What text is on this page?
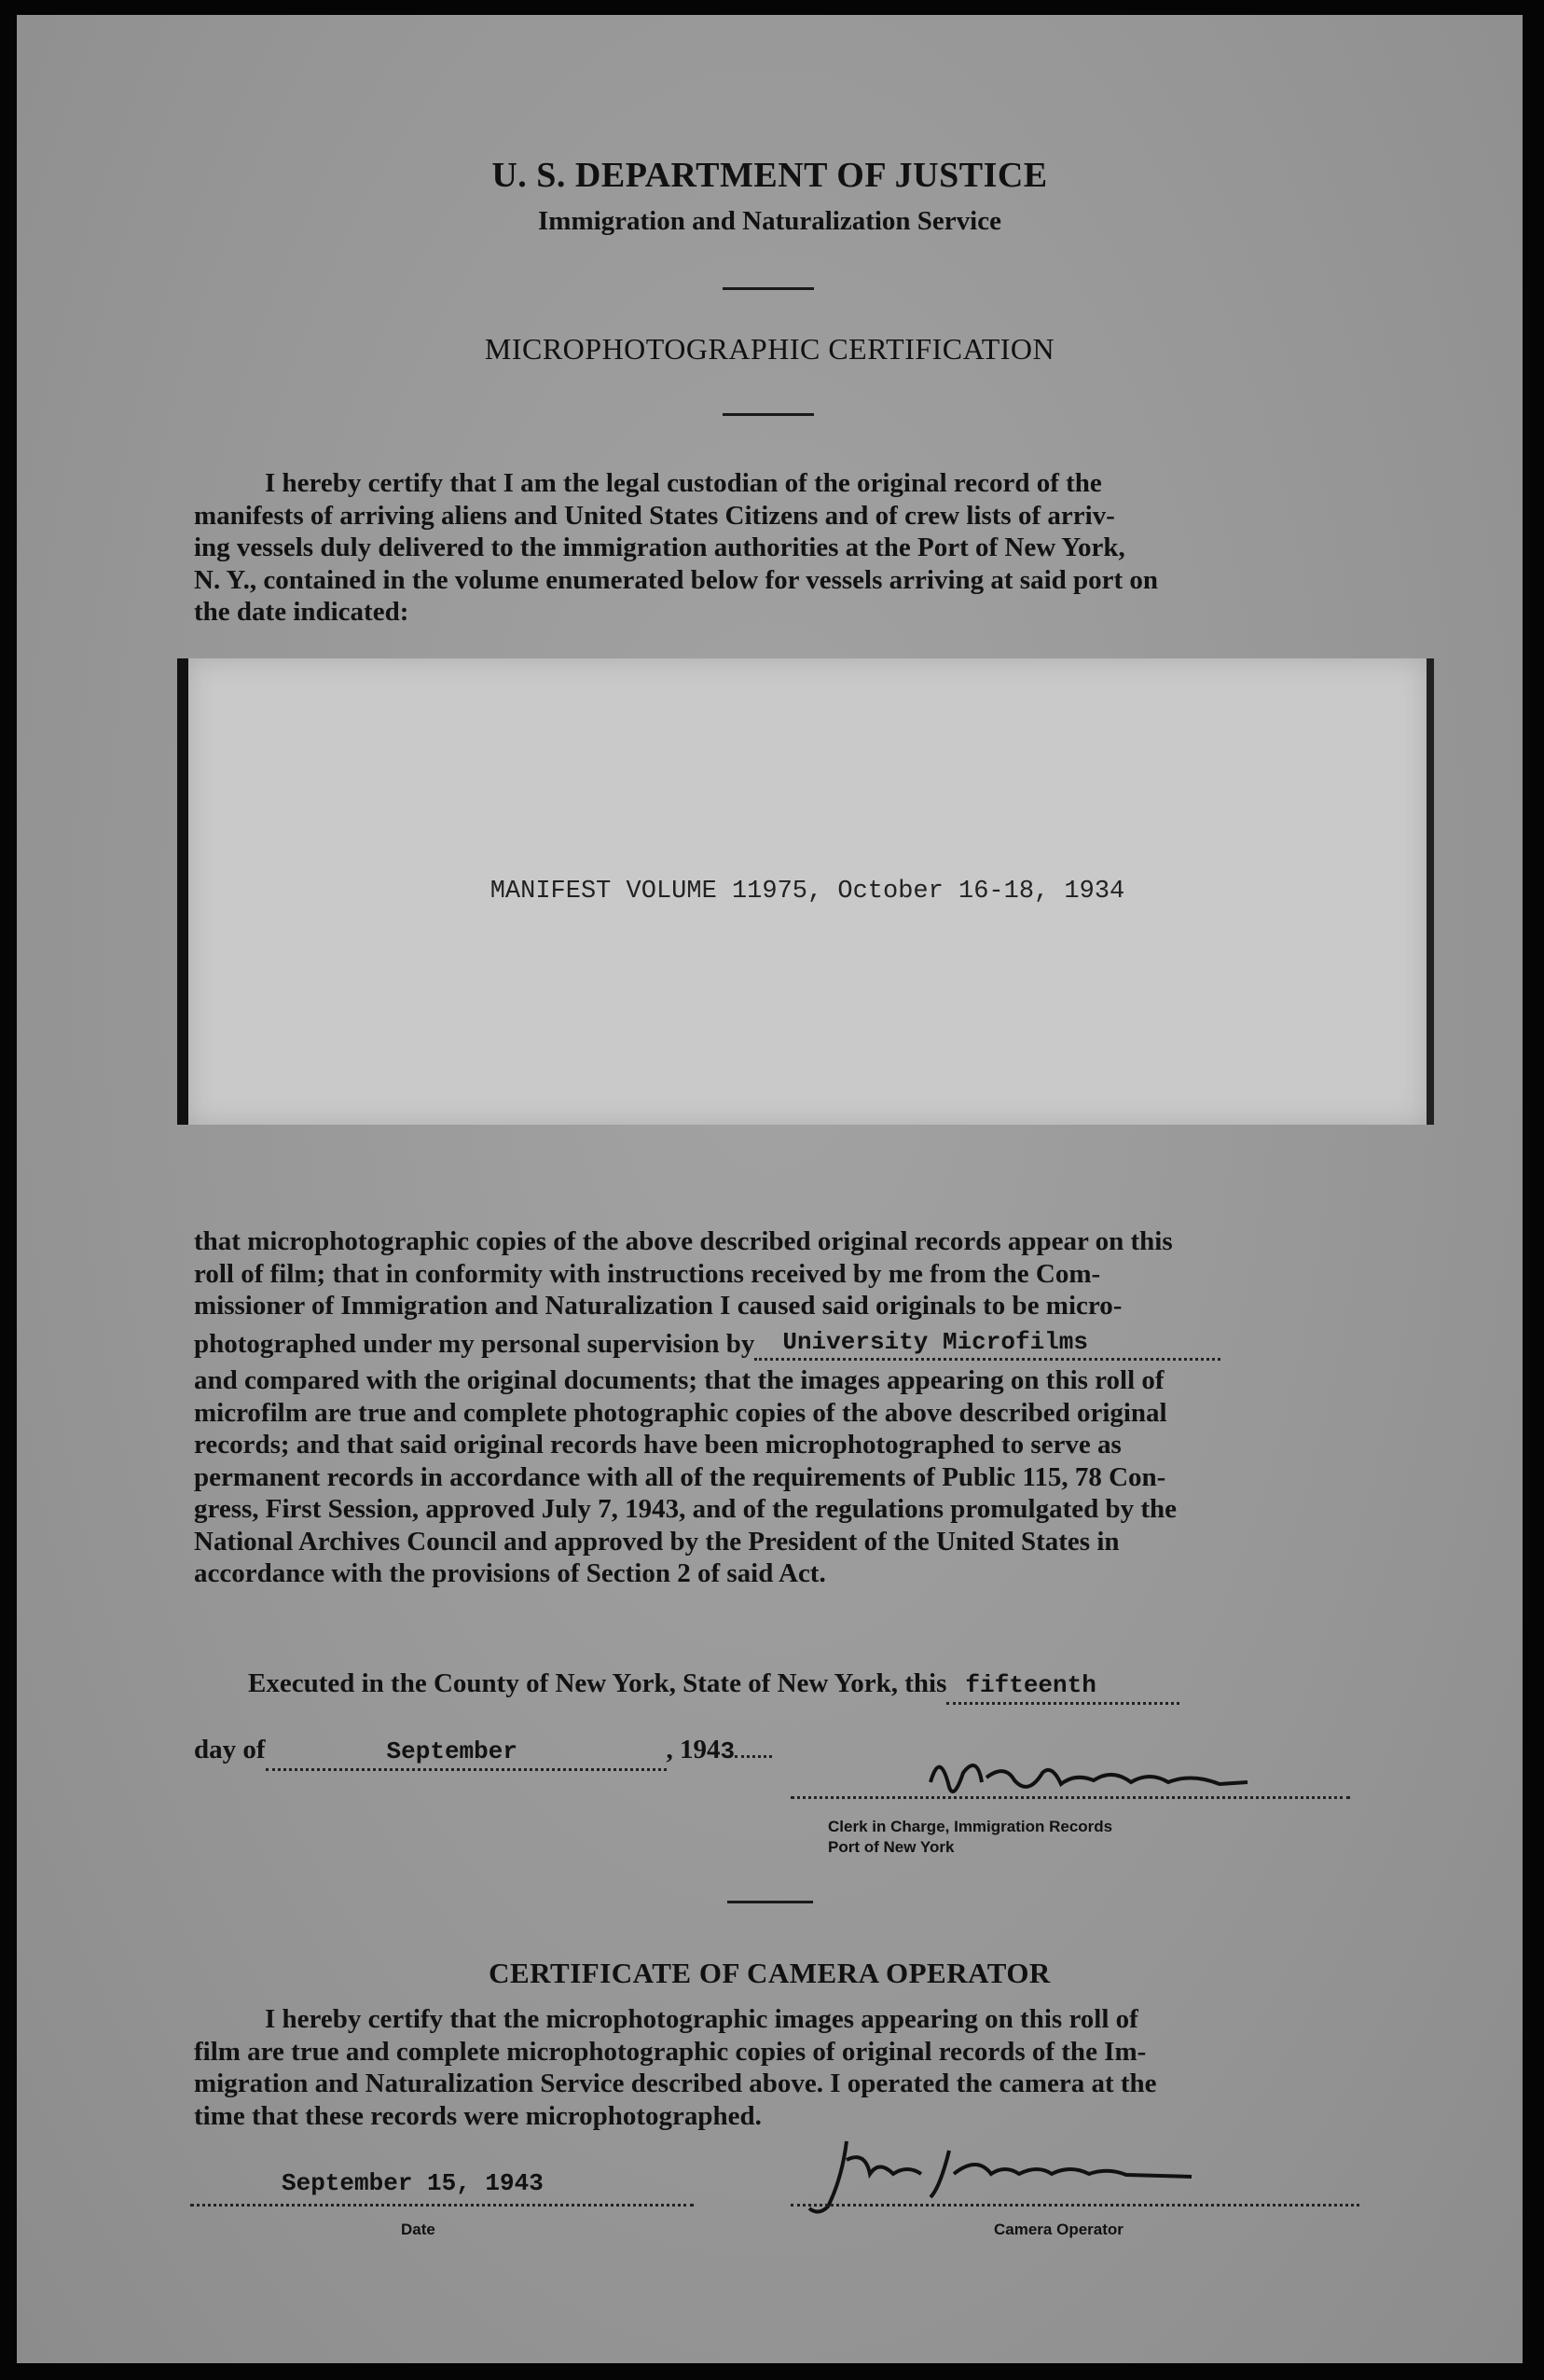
U. S. DEPARTMENT OF JUSTICE
Immigration and Naturalization Service
MICROPHOTOGRAPHIC CERTIFICATION

I hereby certify that I am the legal custodian of the original record of the

manifests of arriving aliens and United States Citizens and of crew lists of arriv-

ing vessels duly delivered to the immigration authorities at the Port of New York,

N. Y., contained in the volume enumerated below for vessels arriving at said port on

the date indicated:

MANIFEST VOLUME 11975, October 16-18, 1934

that microphotographic copies of the above described original records appear on this

roll of film; that in conformity with instructions received by me from the Com-

missioner of Immigration and Naturalization I caused said originals to be micro-

photographed under my personal supervision by University Microfilms

and compared with the original documents; that the images appearing on this roll of

microfilm are true and complete photographic copies of the above described original

records; and that said original records have been microphotographed to serve as

permanent records in accordance with all of the requirements of Public 115, 78 Con-

gress, First Session, approved July 7, 1943, and of the regulations promulgated by the

National Archives Council and approved by the President of the United States in

accordance with the provisions of Section 2 of said Act.

Executed in the County of New York, State of New York, this fifteenth
day of	September	, 1943
Clerk in Charge, Immigration Records
Port of New York
CERTIFICATE OF CAMERA OPERATOR

I hereby certify that the microphotographic images appearing on this roll of

film are true and complete microphotographic copies of original records of the Im-

migration and Naturalization Service described above. I operated the camera at the

time that these records were microphotographed.

September 15, 1943
Date	Camera Operator
